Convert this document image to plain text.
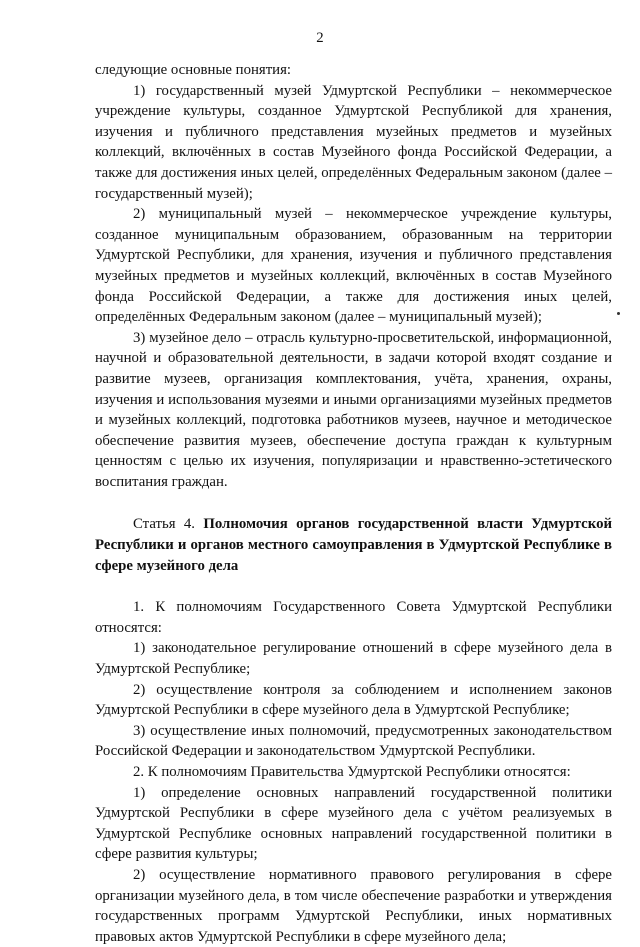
2

следующие основные понятия:

1) государственный музей Удмуртской Республики – некоммерческое учреждение культуры, созданное Удмуртской Республикой для хранения, изучения и публичного представления музейных предметов и музейных коллекций, включённых в состав Музейного фонда Российской Федерации, а также для достижения иных целей, определённых Федеральным законом (далее – государственный музей);

2) муниципальный музей – некоммерческое учреждение культуры, созданное муниципальным образованием, образованным на территории Удмуртской Республики, для хранения, изучения и публичного представления музейных предметов и музейных коллекций, включённых в состав Музейного фонда Российской Федерации, а также для достижения иных целей, определённых Федеральным законом (далее – муниципальный музей);

3) музейное дело – отрасль культурно-просветительской, информационной, научной и образовательной деятельности, в задачи которой входят создание и развитие музеев, организация комплектования, учёта, хранения, охраны, изучения и использования музеями и иными организациями музейных предметов и музейных коллекций, подготовка работников музеев, научное и методическое обеспечение развития музеев, обеспечение доступа граждан к культурным ценностям с целью их изучения, популяризации и нравственно-эстетического воспитания граждан.

Статья 4. Полномочия органов государственной власти Удмуртской Республики и органов местного самоуправления в Удмуртской Республике в сфере музейного дела

1. К полномочиям Государственного Совета Удмуртской Республики относятся:

1) законодательное регулирование отношений в сфере музейного дела в Удмуртской Республике;

2) осуществление контроля за соблюдением и исполнением законов Удмуртской Республики в сфере музейного дела в Удмуртской Республике;

3) осуществление иных полномочий, предусмотренных законодательством Российской Федерации и законодательством Удмуртской Республики.

2. К полномочиям Правительства Удмуртской Республики относятся:

1) определение основных направлений государственной политики Удмуртской Республики в сфере музейного дела с учётом реализуемых в Удмуртской Республике основных направлений государственной политики в сфере развития культуры;

2) осуществление нормативного правового регулирования в сфере организации музейного дела, в том числе обеспечение разработки и утверждения государственных программ Удмуртской Республики, иных нормативных правовых актов Удмуртской Республики в сфере музейного дела;
